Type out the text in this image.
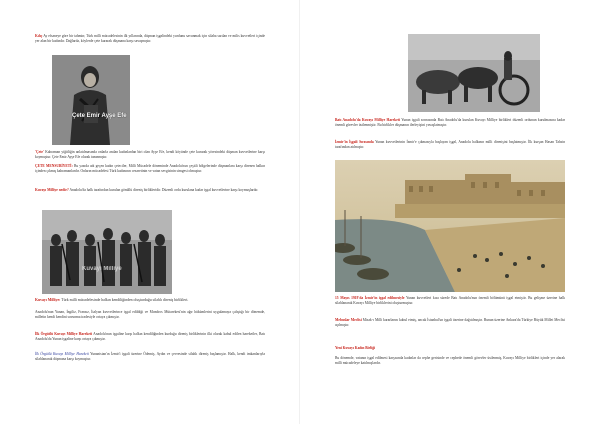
Kılıç Ay efsaneye göre bir tahmin; Türk milli mücadelesinin ilk yıllarında, düşman işgalindeki yurdunu savunmak için silaha sarılan ve milis kuvvetleri içinde yer alan bir kadındır. Dağlarda, köylerde çete kurarak düşmana karşı savaşmıştır.

Çete Emir Ayşe Efe

'Çete' Kahraman yiğitliğin anlatılmasında onlarla anılan kadınlardan biri olan Ayşe Efe, kendi köyünde çete kurarak yöresindeki düşman kuvvetlerine karşı koymuştur. Çete Emir Ayşe Efe olarak tanınmıştır.

ÇETE MENSUBİYETİ: Bu yazıda adı geçen kadın çeteciler, Milli Mücadele döneminde Anadolu'nun çeşitli bölgelerinde düşmanlara karşı direnen halkın içinden çıkmış kahramanlardır. Onların mücadelesi Türk kadınının cesaretinin ve vatan sevgisinin simgesi olmuştur.

Kuvayı Milliye nedir? Anadolu'da halk tarafından kurulan gönüllü direniş birlikleridir. Düzenli ordu kurulana kadar işgal kuvvetlerine karşı koymuşlardır.

Kuvayı Milliye

Kuvayı Milliye: Türk milli mücadelesinde halkın kendiliğinden oluşturduğu silahlı direniş birlikleri.

Anadolu'nun Yunan, İngiliz, Fransız, İtalyan kuvvetlerince işgal edildiği ve Mondros Mütarekesi'nin ağır hükümlerini uygulamaya çalıştığı bir dönemde, milletin kendi kendini savunma iradesiyle ortaya çıkmıştır.

İlk Örgütlü Kuvayı Milliye Hareketi Anadolu'nun işgaline karşı halkın kendiliğinden kurduğu direniş birliklerinin ilki olarak kabul edilen hareketler, Batı Anadolu'da Yunan işgaline karşı ortaya çıkmıştır.

İlk Örgütlü Kuvayı Milliye Hareketi Yunanistan'ın İzmir'i işgali üzerine Ödemiş, Aydın ve çevresinde silahlı direniş başlamıştır. Halk, kendi imkanlarıyla silahlanarak düşmana karşı koymuştur.

Batı Anadolu'da Kuvayı Milliye Hareketi Yunan işgali sonrasında Batı Anadolu'da kurulan Kuvayı Milliye birlikleri düzenli ordunun kurulmasına kadar önemli görevler üstlenmiştir. Bu birlikler düşmanın ilerleyişini yavaşlatmıştır.

İzmir'in İşgali Sırasında Yunan kuvvetlerinin İzmir'e çıkmasıyla başlayan işgal, Anadolu halkının milli direnişini başlatmıştır. İlk kurşun Hasan Tahsin tarafından atılmıştır.

15 Mayıs 1919'da İzmir'in işgal edilmesiyle Yunan kuvvetleri kısa sürede Batı Anadolu'nun önemli bölümünü işgal etmiştir. Bu gelişme üzerine halk silahlanarak Kuvayı Milliye birliklerini oluşturmuştur.

Mebuslar Meclisi Misak-ı Milli kararlarını kabul etmiş, ancak İstanbul'un işgali üzerine dağıtılmıştır. Bunun üzerine Ankara'da Türkiye Büyük Millet Meclisi açılmıştır.

Yeni Kuvayı Kadın Birliği

Bu dönemde, vatanın işgal edilmesi karşısında kadınlar da cephe gerisinde ve cephede önemli görevler üstlenmiş, Kuvayı Milliye birlikleri içinde yer alarak milli mücadeleye katılmışlardır.
